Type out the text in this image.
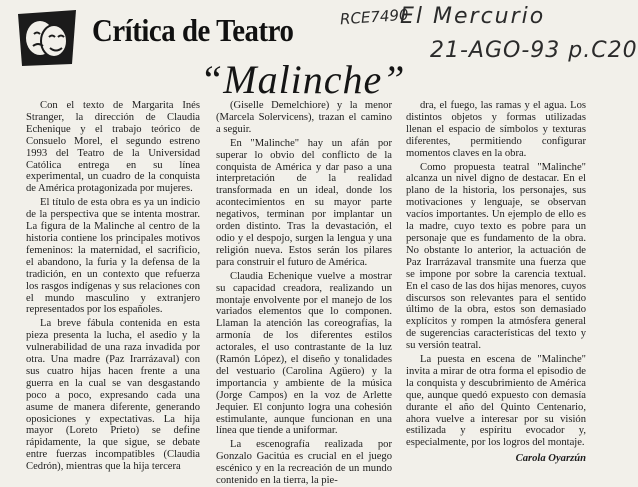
Crítica de Teatro	RCE7490
El Mercurio
21-AGO-93 p.C20
“Malinche”

Con el texto de Margarita Inés Stranger, la dirección de Claudia Echenique y el trabajo teórico de Consuelo Morel, el segundo estreno 1993 del Teatro de la Universidad Católica entrega en su línea experimental, un cuadro de la conquista de América protagonizada por mujeres.

El título de esta obra es ya un indicio de la perspectiva que se intenta mostrar. La figura de la Malinche al centro de la historia contiene los principales motivos femeninos: la maternidad, el sacrificio, el abandono, la furia y la defensa de la tradición, en un contexto que refuerza los rasgos indígenas y sus relaciones con el mundo masculino y extranjero representados por los españoles.

La breve fábula contenida en esta pieza presenta la lucha, el asedio y la vulnerabilidad de una raza invadida por otra. Una madre (Paz Irarrázaval) con sus cuatro hijas hacen frente a una guerra en la cual se van desgastando poco a poco, expresando cada una asume de manera diferente, generando oposiciones y expectativas. La hija mayor (Loreto Prieto) se define rápidamente, la que sigue, se debate entre fuerzas incompatibles (Claudia Cedrón), mientras que la hija tercera

(Giselle Demelchiore) y la menor (Marcela Solervicens), trazan el camino a seguir.

En "Malinche" hay un afán por superar lo obvio del conflicto de la conquista de América y dar paso a una interpretación de la realidad transformada en un ideal, donde los acontecimientos en su mayor parte negativos, terminan por implantar un orden distinto. Tras la devastación, el odio y el despojo, surgen la lengua y una religión nueva. Estos serán los pilares para construir el futuro de América.

Claudia Echenique vuelve a mostrar su capacidad creadora, realizando un montaje envolvente por el manejo de los variados elementos que lo componen. Llaman la atención las coreografías, la armonía de los diferentes estilos actorales, el uso contrastante de la luz (Ramón López), el diseño y tonalidades del vestuario (Carolina Agüero) y la importancia y ambiente de la música (Jorge Campos) en la voz de Arlette Jequier. El conjunto logra una cohesión estimulante, aunque funcionan en una línea que tiende a uniformar.

La escenografía realizada por Gonzalo Gacitúa es crucial en el juego escénico y en la recreación de un mundo contenido en la tierra, la pie-

dra, el fuego, las ramas y el agua. Los distintos objetos y formas utilizadas llenan el espacio de símbolos y texturas diferentes, permitiendo configurar momentos claves en la obra.

Como propuesta teatral "Malinche" alcanza un nivel digno de destacar. En el plano de la historia, los personajes, sus motivaciones y lenguaje, se observan vacíos importantes. Un ejemplo de ello es la madre, cuyo texto es pobre para un personaje que es fundamento de la obra. No obstante lo anterior, la actuación de Paz Irarrázaval transmite una fuerza que se impone por sobre la carencia textual. En el caso de las dos hijas menores, cuyos discursos son relevantes para el sentido último de la obra, estos son demasiado explícitos y rompen la atmósfera general de sugerencias características del texto y su versión teatral.

La puesta en escena de "Malinche" invita a mirar de otra forma el episodio de la conquista y descubrimiento de América que, aunque quedó expuesto con demasía durante el año del Quinto Centenario, ahora vuelve a interesar por su visión estilizada y espíritu evocador y, especialmente, por los logros del montaje.

Carola Oyarzún
